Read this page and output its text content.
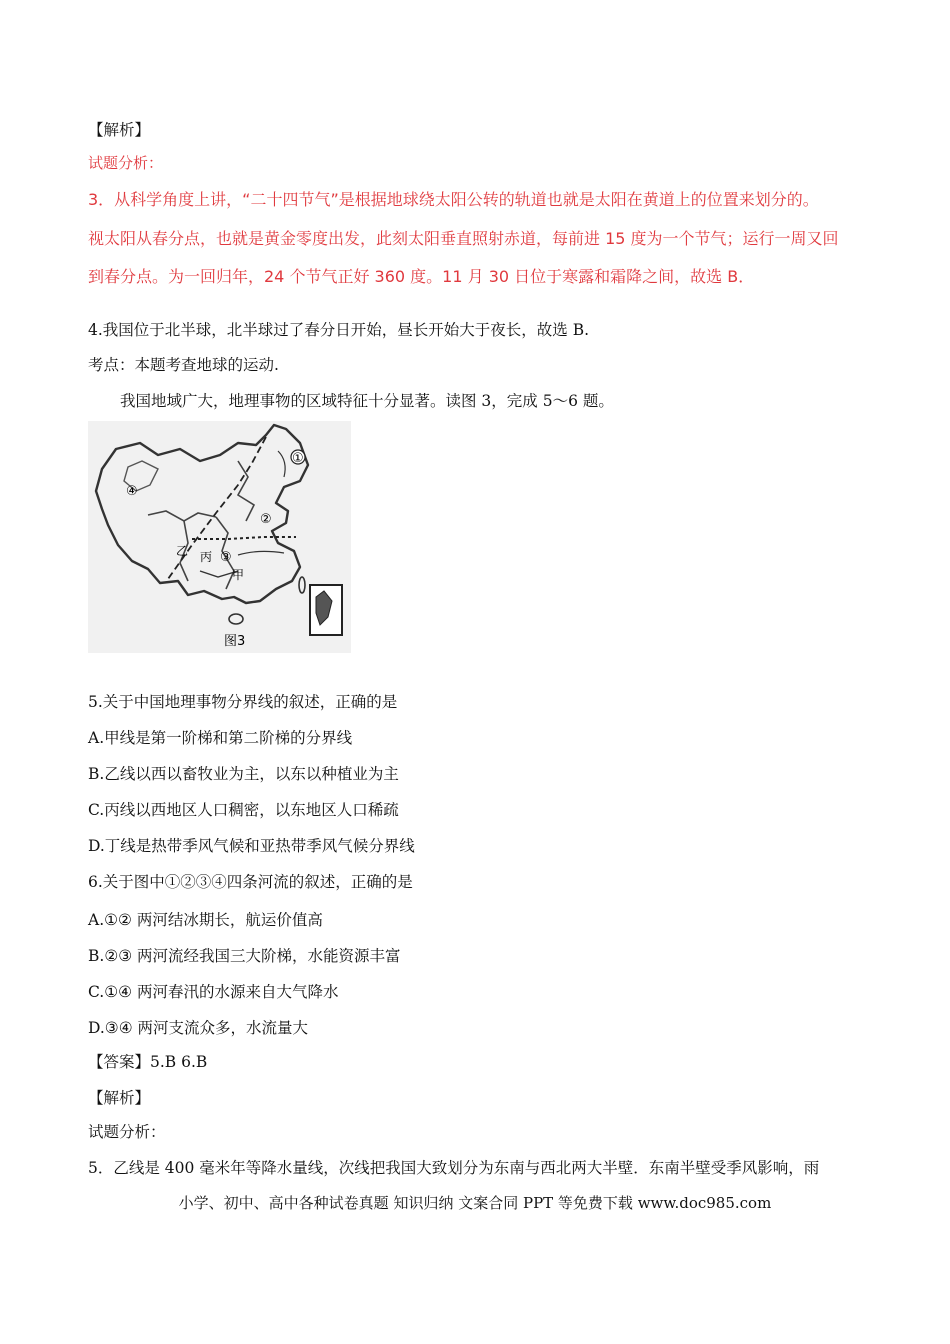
【解析】
试题分析：
3．从科学角度上讲，“二十四节气”是根据地球绕太阳公转的轨道也就是太阳在黄道上的位置来划分的。
视太阳从春分点，也就是黄金零度出发，此刻太阳垂直照射赤道，每前进 15 度为一个节气；运行一周又回
到春分点。为一回归年，24 个节气正好 360 度。11 月 30 日位于寒露和霜降之间，故选 B．
4.我国位于北半球，北半球过了春分日开始，昼长开始大于夜长，故选 B.
考点：本题考查地球的运动.
我国地域广大，地理事物的区域特征十分显著。读图 3，完成 5～6 题。
①
②
③
④
丙
乙
甲
图3
5.关于中国地理事物分界线的叙述，正确的是
A.甲线是第一阶梯和第二阶梯的分界线
B.乙线以西以畜牧业为主，以东以种植业为主
C.丙线以西地区人口稠密，以东地区人口稀疏
D.丁线是热带季风气候和亚热带季风气候分界线
6.关于图中①②③④四条河流的叙述，正确的是
A.①② 两河结冰期长，航运价值高
B.②③ 两河流经我国三大阶梯，水能资源丰富
C.①④ 两河春汛的水源来自大气降水
D.③④ 两河支流众多，水流量大
【答案】5.B 6.B
【解析】
试题分析：
5．乙线是 400 毫米年等降水量线，次线把我国大致划分为东南与西北两大半壁．东南半壁受季风影响，雨
小学、初中、高中各种试卷真题 知识归纳 文案合同 PPT 等免费下载 www.doc985.com
